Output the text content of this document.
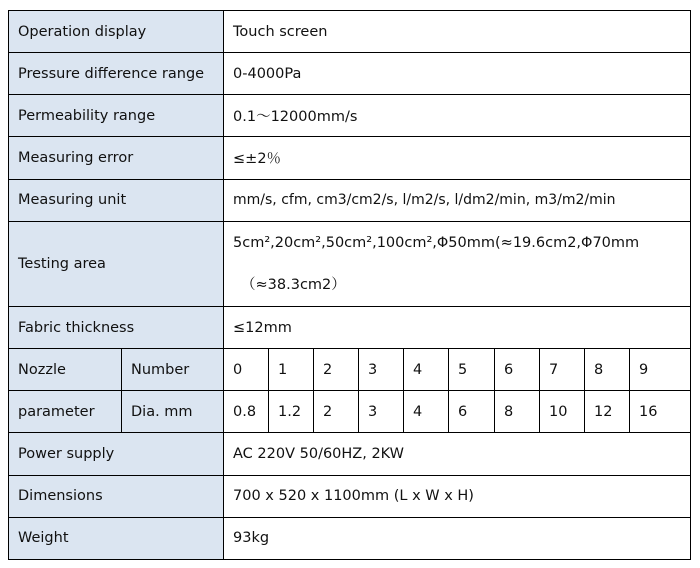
Operation display		Touch screen									
Pressure difference range		0-4000Pa									
Permeability range		0.1～12000mm/s									
Measuring error		≤±2％									
Measuring unit		mm/s, cfm, cm3/cm2/s, l/m2/s, l/dm2/min, m3/m2/min									
Testing area		5cm²,20cm²,50cm²,100cm²,Φ50mm(≈19.6cm2,Φ70mm
（≈38.3cm2）									

Fabric thickness		≤12mm									
Nozzle	Number	0	1	2	3	4	5	6	7	8	9
parameter	Dia. mm	0.8	1.2	2	3	4	6	8	10	12	16
Power supply		AC 220V 50/60HZ, 2KW									
Dimensions		700 x 520 x 1100mm (L x W x H)									
Weight		93kg									
